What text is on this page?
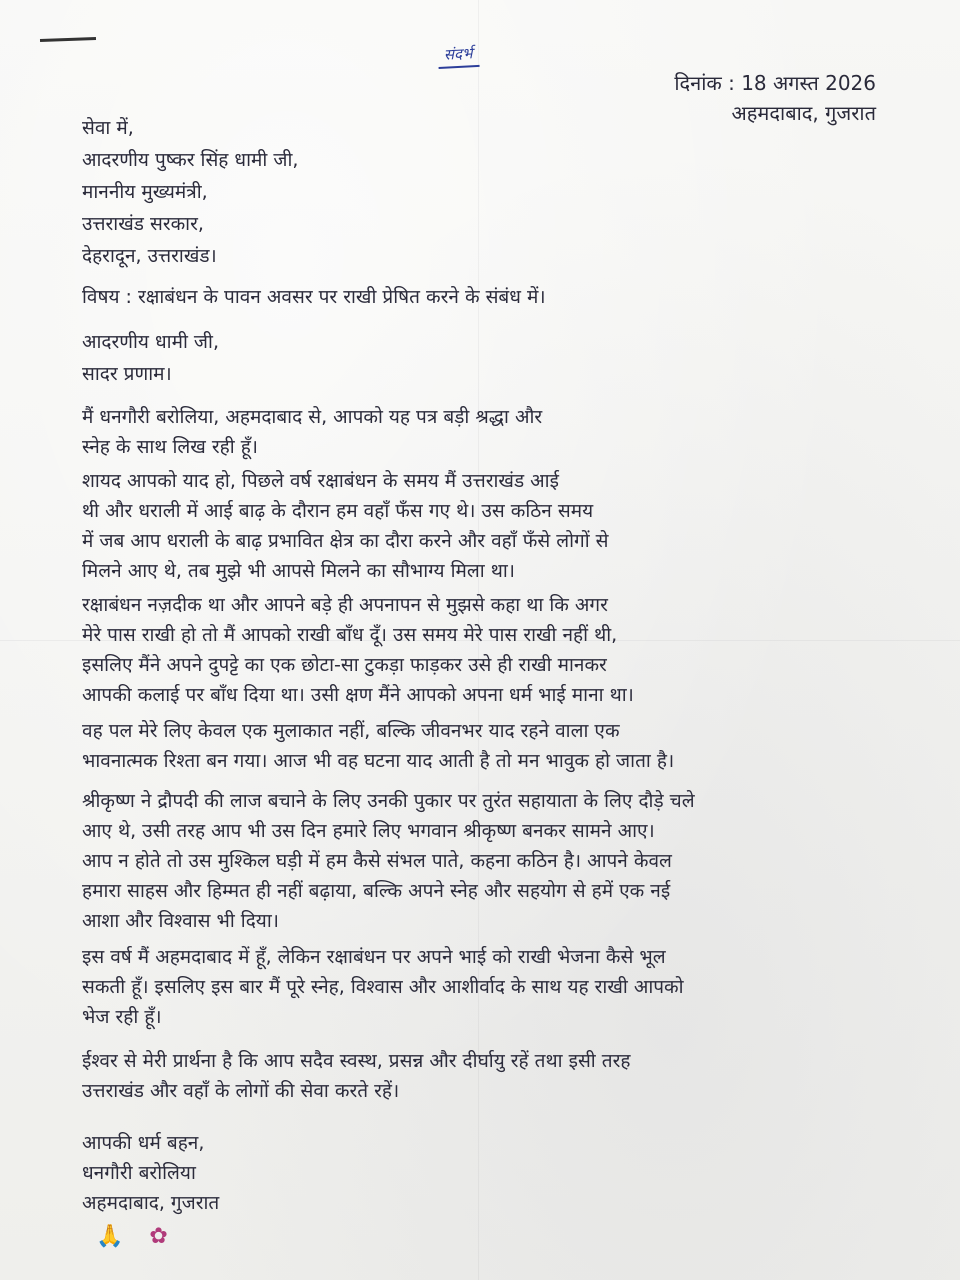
संदर्भ
दिनांक : 18 अगस्त 2026
अहमदाबाद, गुजरात
सेवा में,
आदरणीय पुष्कर सिंह धामी जी,
माननीय मुख्यमंत्री,
उत्तराखंड सरकार,
देहरादून, उत्तराखंड।
विषय : रक्षाबंधन के पावन अवसर पर राखी प्रेषित करने के संबंध में।
आदरणीय धामी जी,
सादर प्रणाम।
मैं धनगौरी बरोलिया, अहमदाबाद से, आपको यह पत्र बड़ी श्रद्धा और
स्नेह के साथ लिख रही हूँ।
शायद आपको याद हो, पिछले वर्ष रक्षाबंधन के समय मैं उत्तराखंड आई
थी और धराली में आई बाढ़ के दौरान हम वहाँ फँस गए थे। उस कठिन समय
में जब आप धराली के बाढ़ प्रभावित क्षेत्र का दौरा करने और वहाँ फँसे लोगों से
मिलने आए थे, तब मुझे भी आपसे मिलने का सौभाग्य मिला था।
रक्षाबंधन नज़दीक था और आपने बड़े ही अपनापन से मुझसे कहा था कि अगर
मेरे पास राखी हो तो मैं आपको राखी बाँध दूँ। उस समय मेरे पास राखी नहीं थी,
इसलिए मैंने अपने दुपट्टे का एक छोटा-सा टुकड़ा फाड़कर उसे ही राखी मानकर
आपकी कलाई पर बाँध दिया था। उसी क्षण मैंने आपको अपना धर्म भाई माना था।
वह पल मेरे लिए केवल एक मुलाकात नहीं, बल्कि जीवनभर याद रहने वाला एक
भावनात्मक रिश्ता बन गया। आज भी वह घटना याद आती है तो मन भावुक हो जाता है।
श्रीकृष्ण ने द्रौपदी की लाज बचाने के लिए उनकी पुकार पर तुरंत सहायाता के लिए दौड़े चले
आए थे, उसी तरह आप भी उस दिन हमारे लिए भगवान श्रीकृष्ण बनकर सामने आए।
आप न होते तो उस मुश्किल घड़ी में हम कैसे संभल पाते, कहना कठिन है। आपने केवल
हमारा साहस और हिम्मत ही नहीं बढ़ाया, बल्कि अपने स्नेह और सहयोग से हमें एक नई
आशा और विश्वास भी दिया।
इस वर्ष मैं अहमदाबाद में हूँ, लेकिन रक्षाबंधन पर अपने भाई को राखी भेजना कैसे भूल
सकती हूँ। इसलिए इस बार मैं पूरे स्नेह, विश्वास और आशीर्वाद के साथ यह राखी आपको
भेज रही हूँ।
ईश्वर से मेरी प्रार्थना है कि आप सदैव स्वस्थ, प्रसन्न और दीर्घायु रहें तथा इसी तरह
उत्तराखंड और वहाँ के लोगों की सेवा करते रहें।
आपकी धर्म बहन,
धनगौरी बरोलिया
अहमदाबाद, गुजरात
🙏 ✿
